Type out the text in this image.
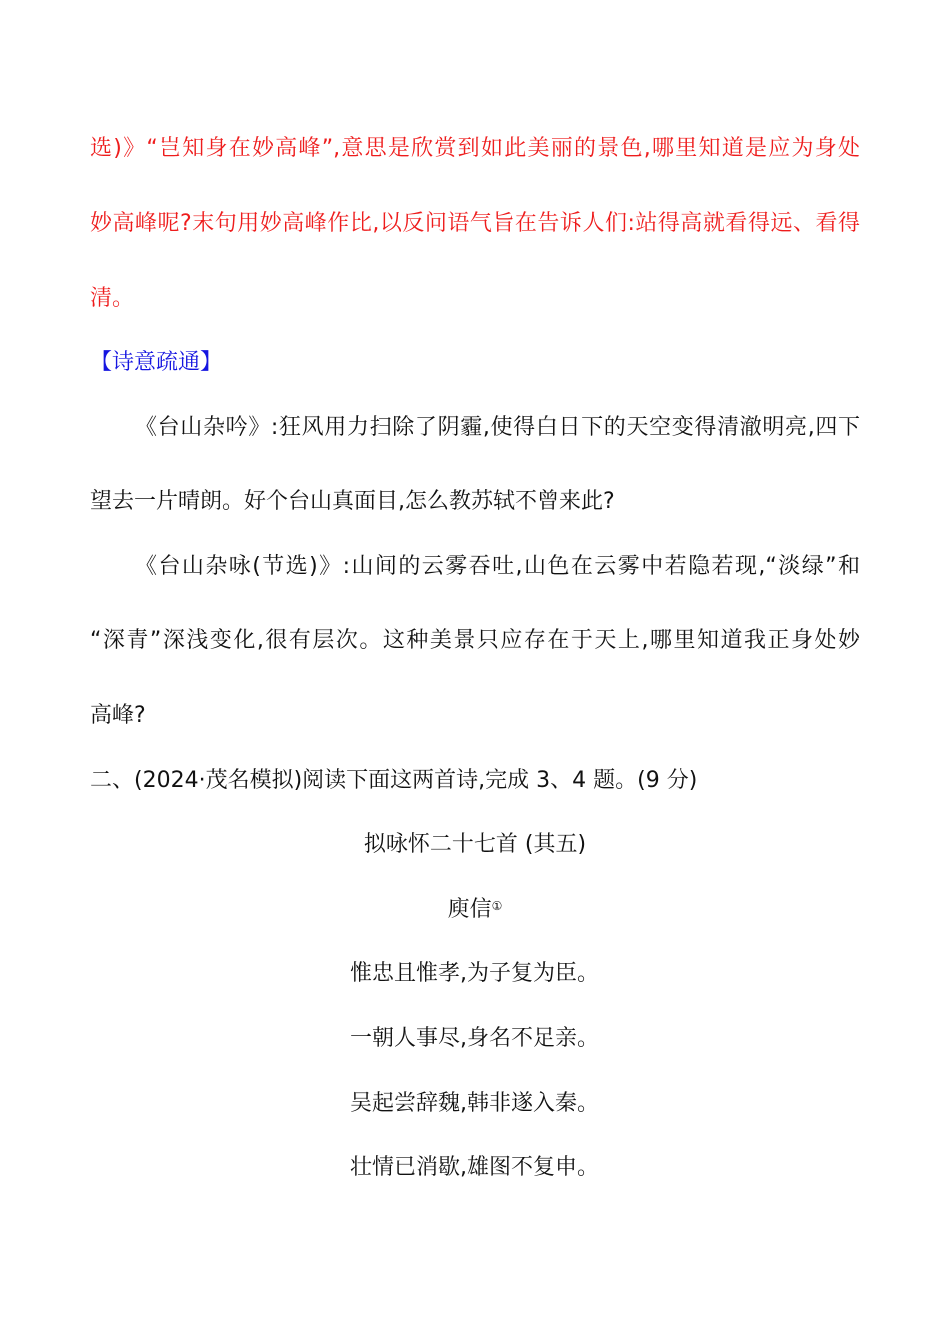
选)》“岂知身在妙高峰”,意思是欣赏到如此美丽的景色,哪里知道是应为身处
妙高峰呢?末句用妙高峰作比,以反问语气旨在告诉人们:站得高就看得远、看得
清。
【诗意疏通】
《台山杂吟》:狂风用力扫除了阴霾,使得白日下的天空变得清澈明亮,四下
望去一片晴朗。好个台山真面目,怎么教苏轼不曾来此?
《台山杂咏(节选)》:山间的云雾吞吐,山色在云雾中若隐若现,“淡绿”和
“深青”深浅变化,很有层次。这种美景只应存在于天上,哪里知道我正身处妙
高峰?
二、(2024·茂名模拟)阅读下面这两首诗,完成 3、4 题。(9 分)
拟咏怀二十七首 (其五)
庾信①
惟忠且惟孝,为子复为臣。
一朝人事尽,身名不足亲。
吴起尝辞魏,韩非遂入秦。
壮情已消歇,雄图不复申。
